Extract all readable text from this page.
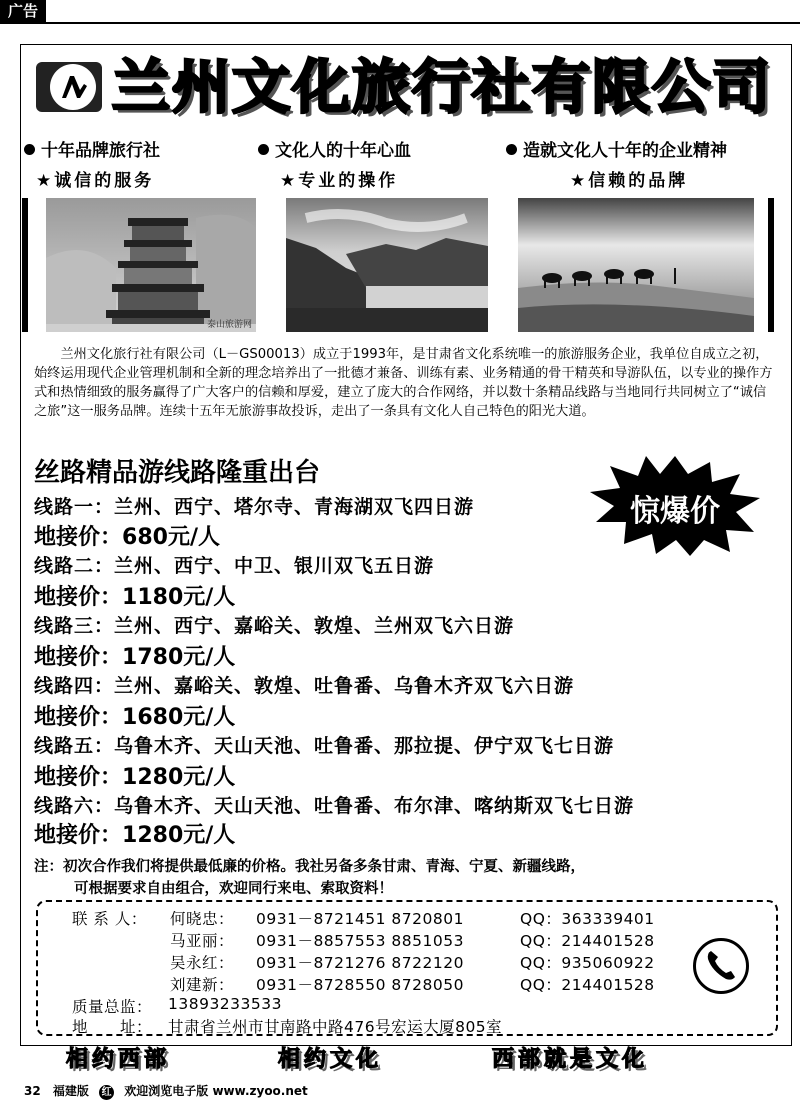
广告
兰州文化旅行社有限公司
十年品牌旅行社	文化人的十年心血	造就文化人十年的企业精神
★诚信的服务	★专业的操作	★信赖的品牌
泰山旅游网
兰州文化旅行社有限公司（L－GS00013）成立于1993年，是甘肃省文化系统唯一的旅游服务企业，我单位自成立之初，始终运用现代企业管理机制和全新的理念培养出了一批德才兼备、训练有素、业务精通的骨干精英和导游队伍，以专业的操作方式和热情细致的服务赢得了广大客户的信赖和厚爱，建立了庞大的合作网络，并以数十条精品线路与当地同行共同树立了“诚信之旅”这一服务品牌。连续十五年无旅游事故投诉，走出了一条具有文化人自己特色的阳光大道。
丝路精品游线路隆重出台
惊爆价
线路一：兰州、西宁、塔尔寺、青海湖双飞四日游
地接价：680元/人
线路二：兰州、西宁、中卫、银川双飞五日游
地接价：1180元/人
线路三：兰州、西宁、嘉峪关、敦煌、兰州双飞六日游
地接价：1780元/人
线路四：兰州、嘉峪关、敦煌、吐鲁番、乌鲁木齐双飞六日游
地接价：1680元/人
线路五：乌鲁木齐、天山天池、吐鲁番、那拉提、伊宁双飞七日游
地接价：1280元/人
线路六：乌鲁木齐、天山天池、吐鲁番、布尔津、喀纳斯双飞七日游
地接价：1280元/人
注：初次合作我们将提供最低廉的价格。我社另备多条甘肃、青海、宁夏、新疆线路，
可根据要求自由组合，欢迎同行来电、索取资料！
联 系 人： 何晓忠： 0931－8721451 8720801	QQ：363339401
马亚丽： 0931－8857553 8851053	QQ：214401528
吴永红： 0931－8721276 8722120	QQ：935060922
刘建新： 0931－8728550 8728050	QQ：214401528
质量总监： 13893233533
地　　址： 甘肃省兰州市甘南路中路476号宏运大厦805室
相约西部	相约文化	西部就是文化
32 福建版 红 欢迎浏览电子版 www.zyoo.net
